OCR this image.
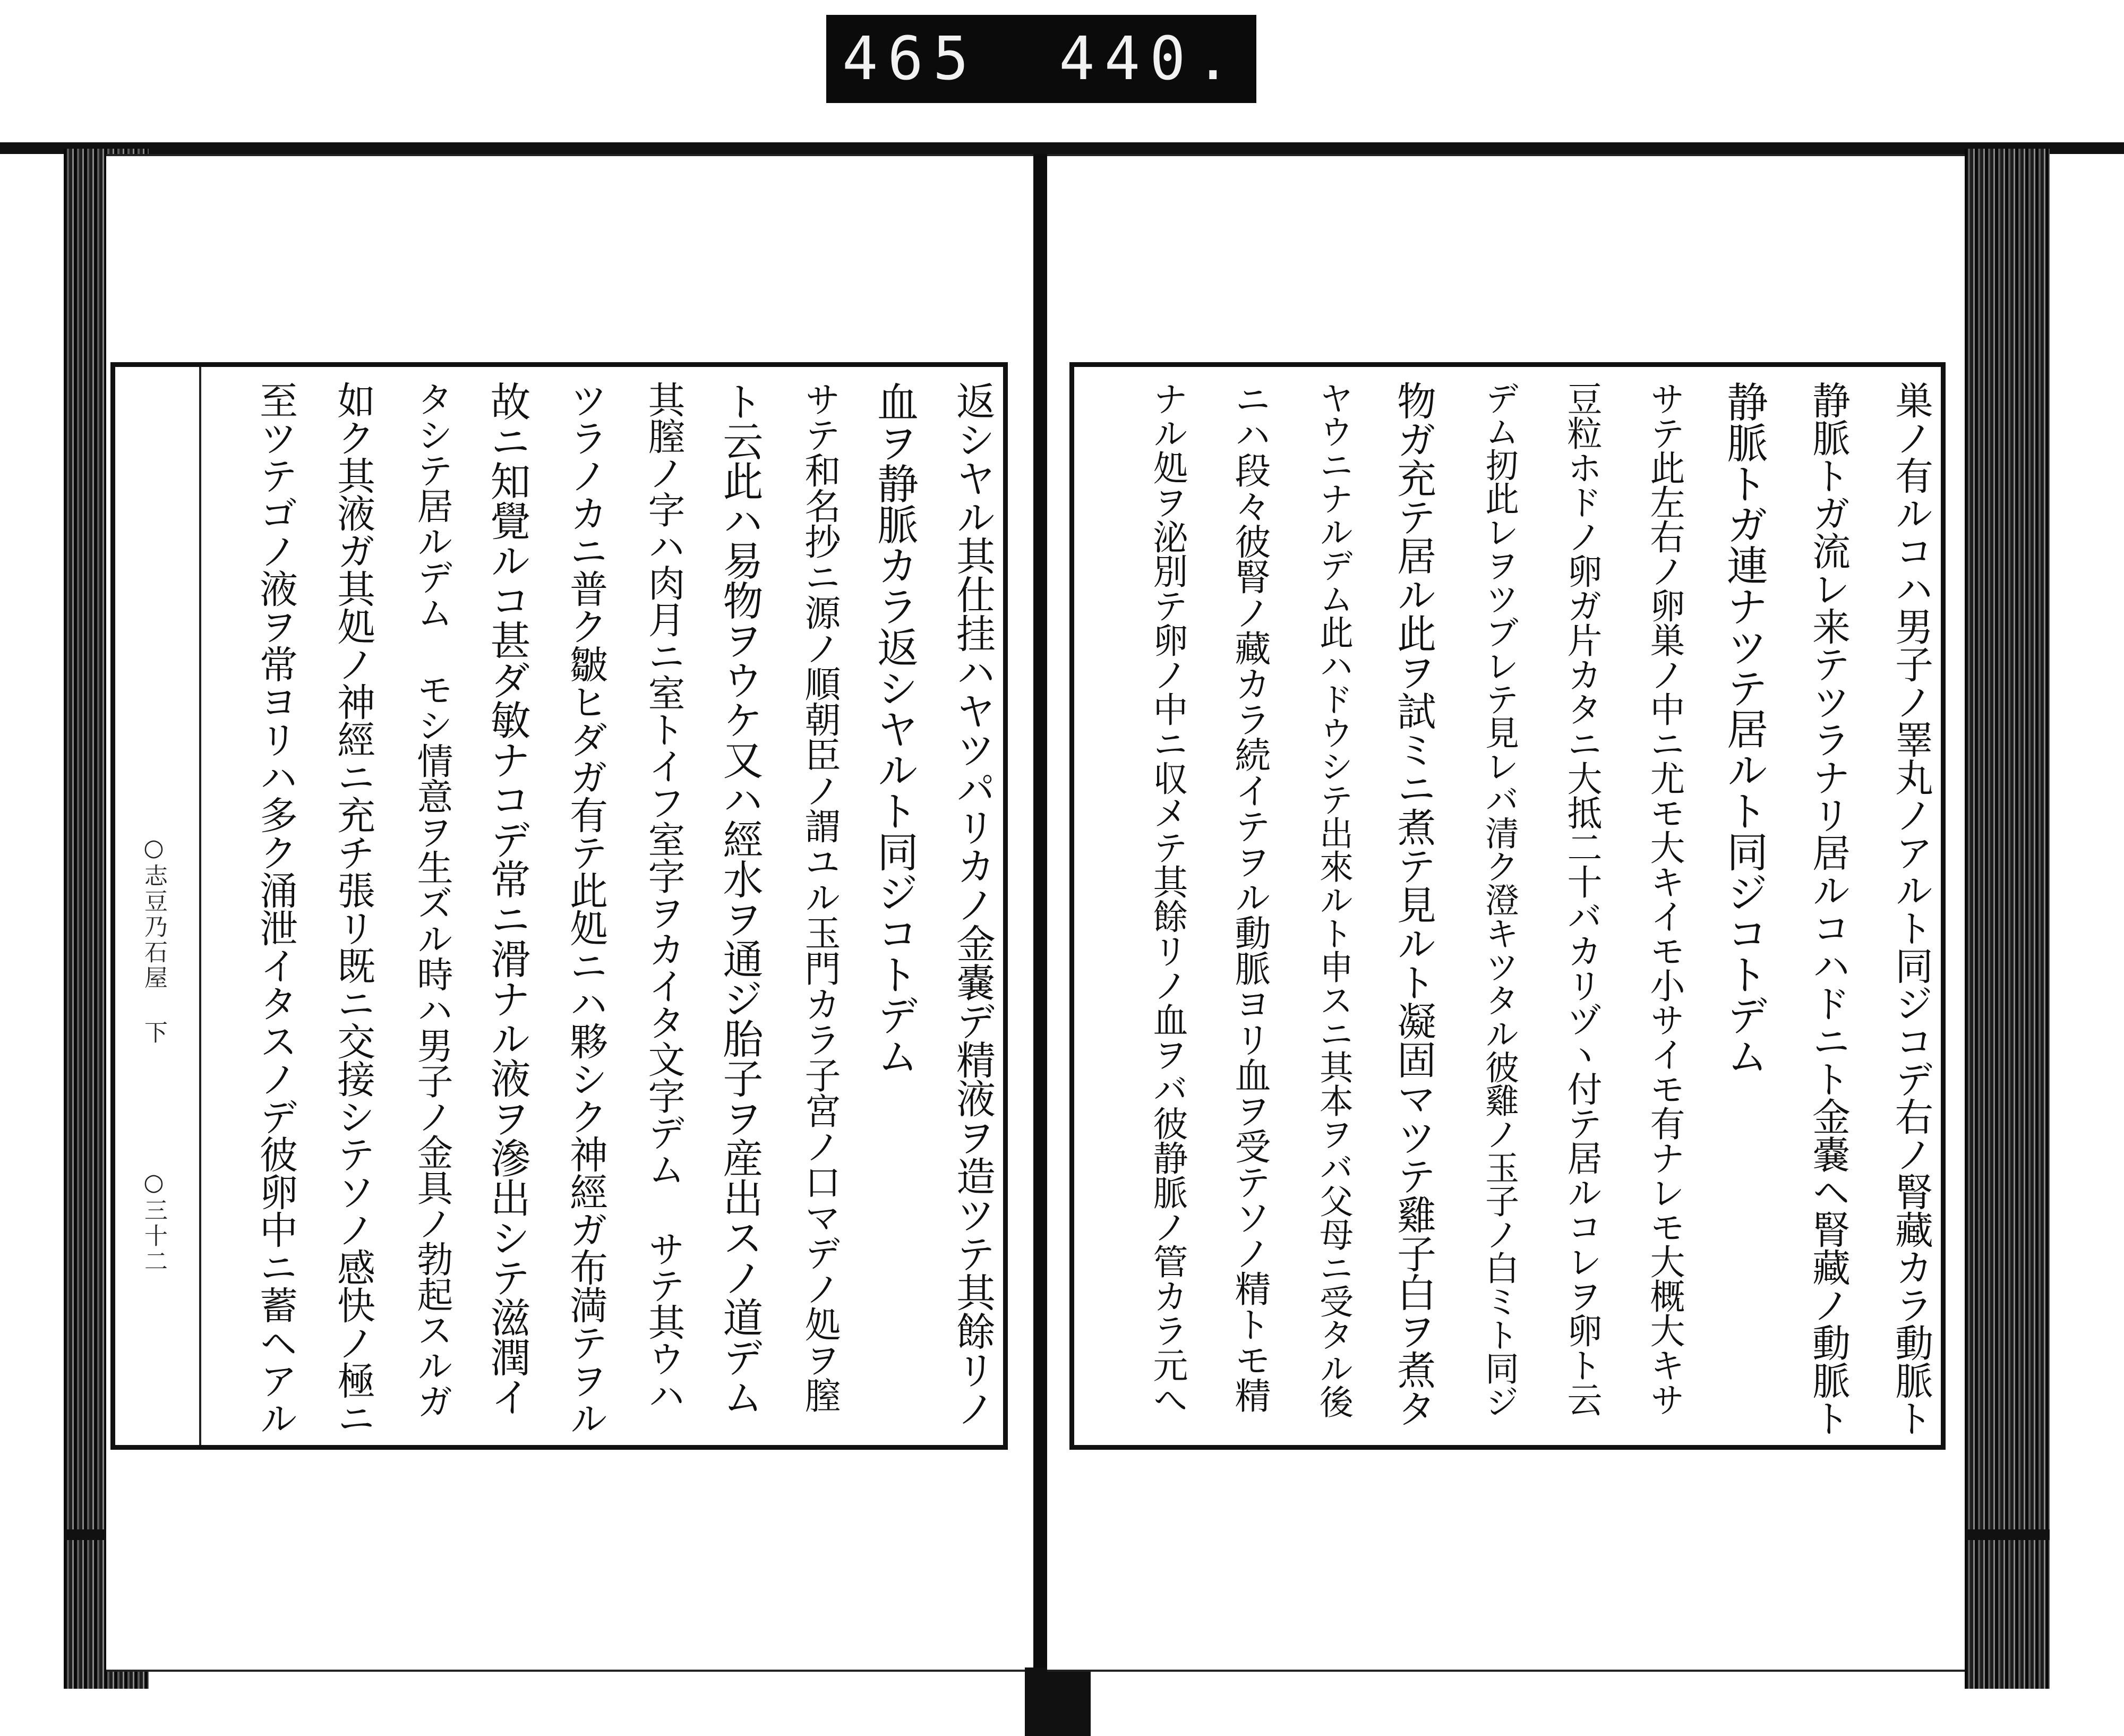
465 440.
○志豆乃石屋 下
○三十二	返シヤル其仕挂ハヤツパリカノ金嚢デ精液ヲ造ツテ其餘リノ
血ヲ静脈カラ返シヤルト同ジコトデム
サテ和名抄ニ源ノ順朝臣ノ謂ユル玉門カラ子宮ノ口マデノ処ヲ膣
ト云此ハ易物ヲウケ又ハ經水ヲ通ジ胎子ヲ産出スノ道デム
其膣ノ字ハ肉月ニ室トイフ室字ヲカイタ文字デム サテ其ウハ
ツラノカニ普ク皺ヒダガ有テ此処ニハ夥シク神經ガ布満テヲル
故ニ知覺ルコ甚ダ敏ナコデ常ニ滑ナル液ヲ滲出シテ滋潤イ
タシテ居ルデム モシ情意ヲ生ズル時ハ男子ノ金具ノ勃起スルガ
如ク其液ガ其処ノ神經ニ充チ張リ既ニ交接シテソノ感快ノ極ニ
至ツテゴノ液ヲ常ヨリハ多ク涌泄イタスノデ彼卵中ニ蓄ヘアル	巣ノ有ルコハ男子ノ睪丸ノアルト同ジコデ右ノ腎藏カラ動脈ト
静脈トガ流レ来テツラナリ居ルコハドニト金嚢ヘ腎藏ノ動脈ト
静脈トガ連ナツテ居ルト同ジコトデム
サテ此左右ノ卵巣ノ中ニ尤モ大キイモ小サイモ有ナレモ大概大キサ
豆粒ホドノ卵ガ片カタニ大抵二十バカリヅヽ付テ居ルコレヲ卵ト云
デム扨此レヲツブレテ見レバ清ク澄キツタル彼雞ノ玉子ノ白ミト同ジ
物ガ充テ居ル此ヲ試ミニ煮テ見ルト凝固マツテ雞子白ヲ煮タ
ヤウニナルデム此ハドウシテ出來ルト申スニ其本ヲバ父母ニ受タル後
ニハ段々彼腎ノ藏カラ続イテヲル動脈ヨリ血ヲ受テソノ精トモ精
ナル処ヲ泌別テ卵ノ中ニ収メテ其餘リノ血ヲバ彼静脈ノ管カラ元へ
